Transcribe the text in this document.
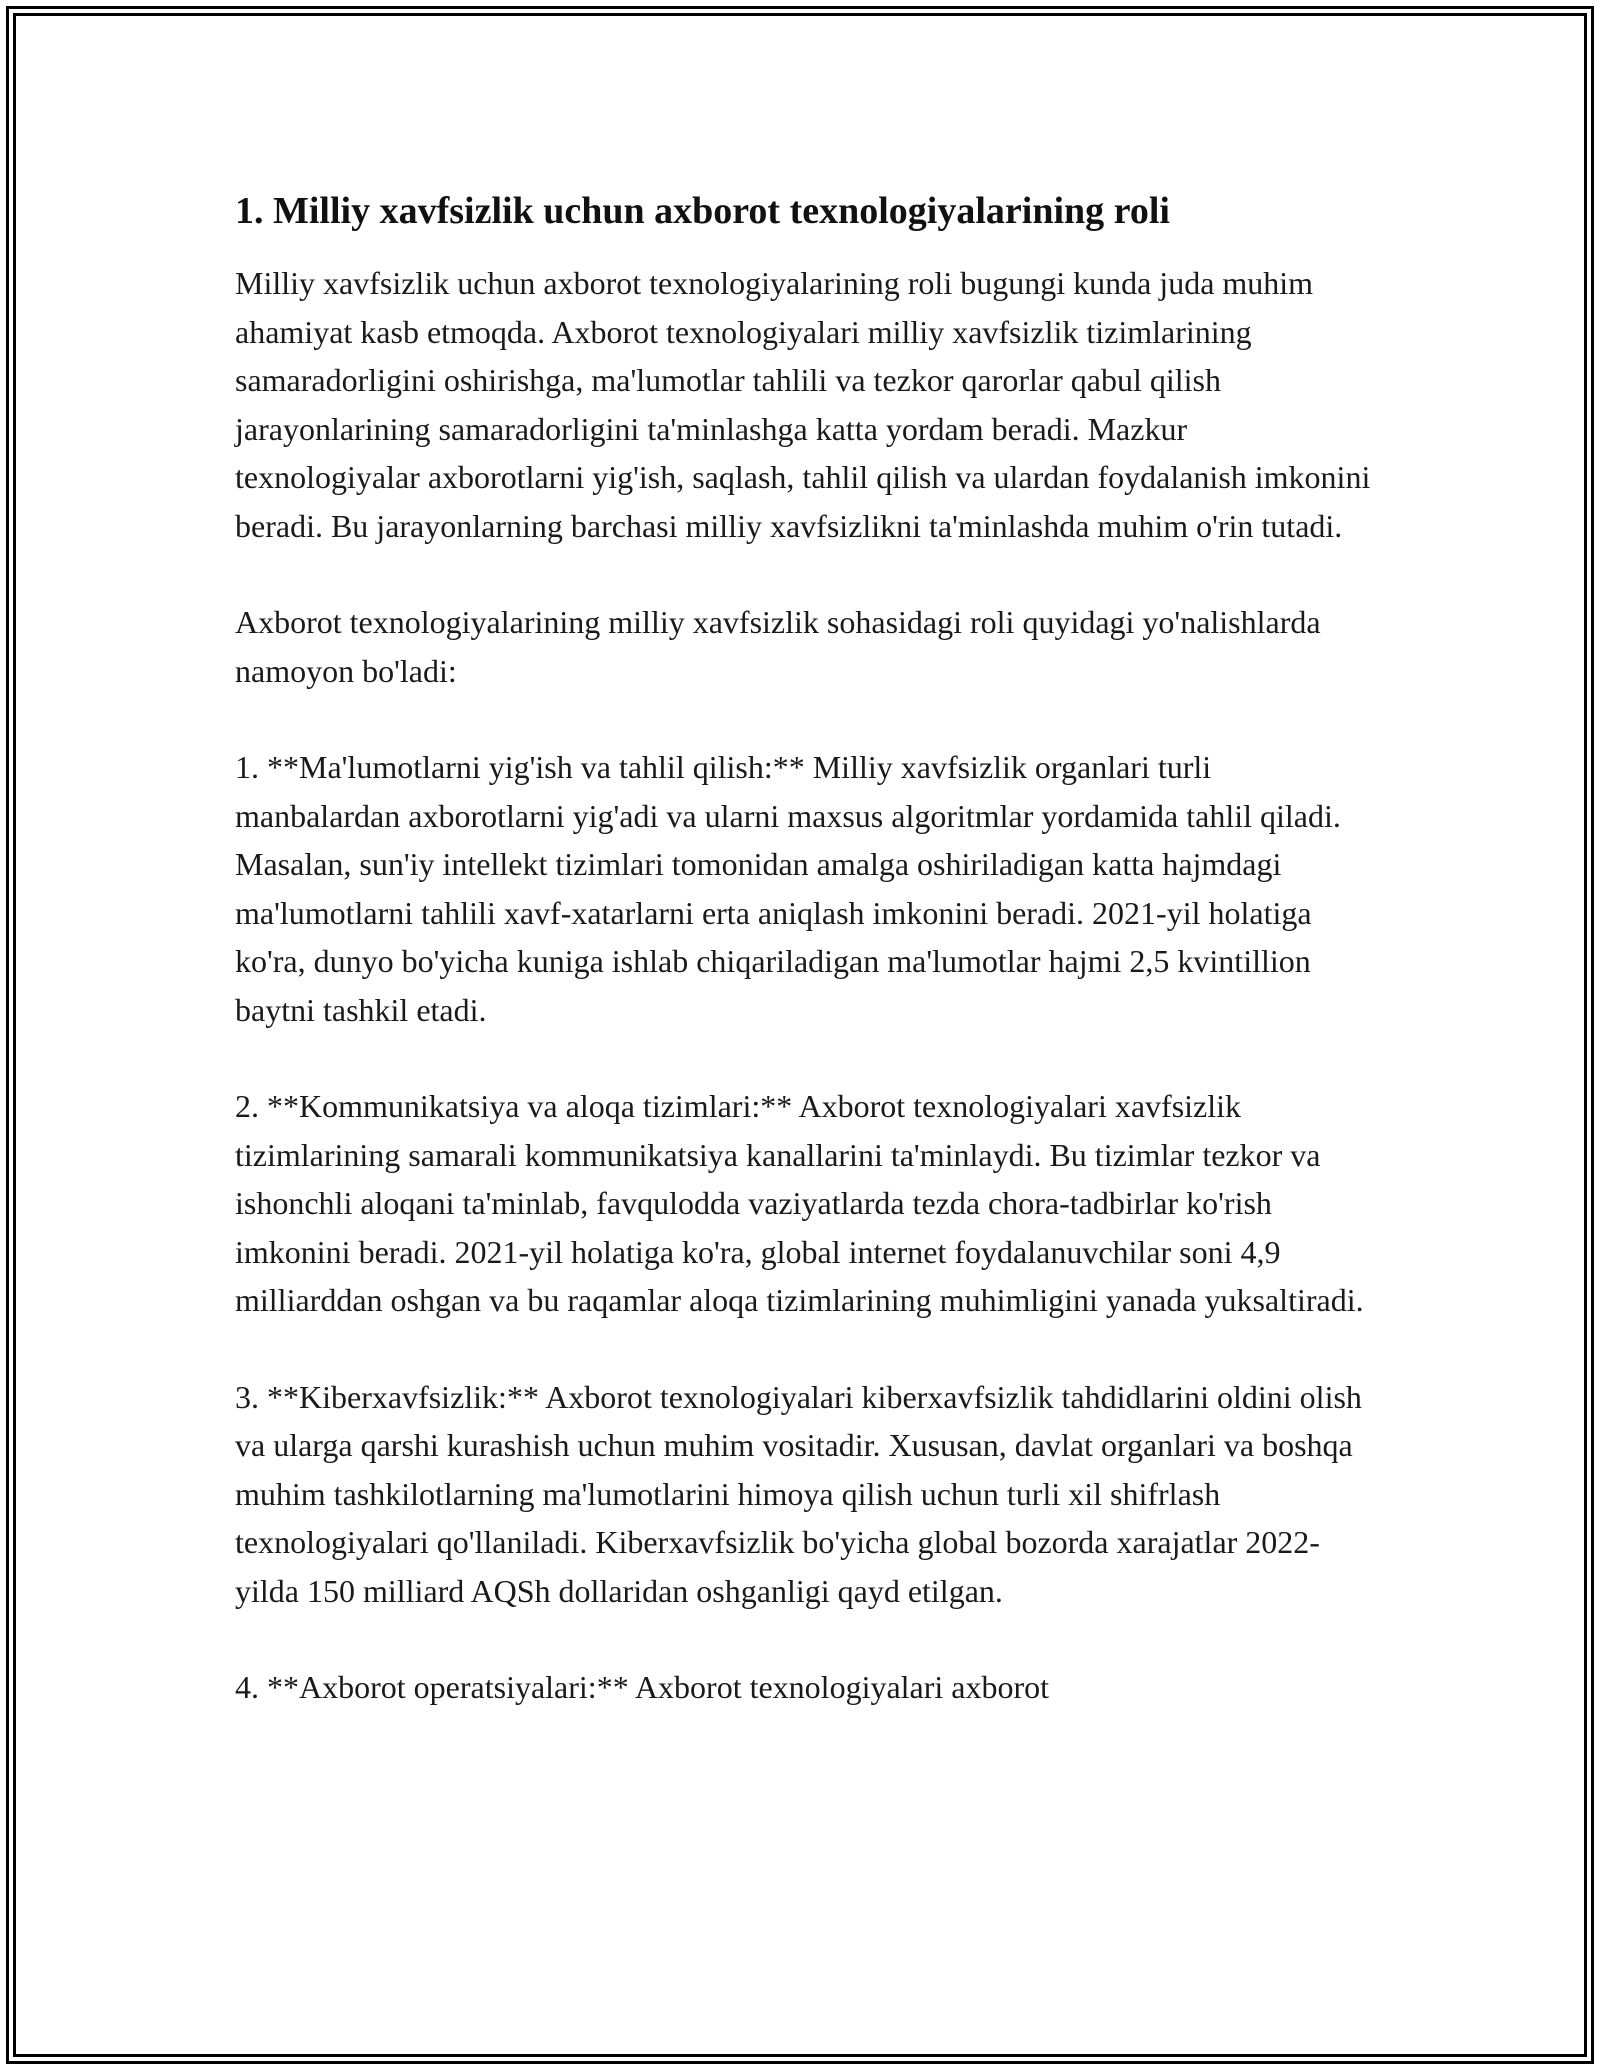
1. Milliy xavfsizlik uchun axborot texnologiyalarining roli

Milliy xavfsizlik uchun axborot texnologiyalarining roli bugungi kunda juda muhim ahamiyat kasb etmoqda. Axborot texnologiyalari milliy xavfsizlik tizimlarining samaradorligini oshirishga, ma'lumotlar tahlili va tezkor qarorlar qabul qilish jarayonlarining samaradorligini ta'minlashga katta yordam beradi. Mazkur texnologiyalar axborotlarni yig'ish, saqlash, tahlil qilish va ulardan foydalanish imkonini beradi. Bu jarayonlarning barchasi milliy xavfsizlikni ta'minlashda muhim o'rin tutadi.

Axborot texnologiyalarining milliy xavfsizlik sohasidagi roli quyidagi yo'nalishlarda namoyon bo'ladi:

1. **Ma'lumotlarni yig'ish va tahlil qilish:** Milliy xavfsizlik organlari turli manbalardan axborotlarni yig'adi va ularni maxsus algoritmlar yordamida tahlil qiladi. Masalan, sun'iy intellekt tizimlari tomonidan amalga oshiriladigan katta hajmdagi ma'lumotlarni tahlili xavf-xatarlarni erta aniqlash imkonini beradi. 2021-yil holatiga ko'ra, dunyo bo'yicha kuniga ishlab chiqariladigan ma'lumotlar hajmi 2,5 kvintillion baytni tashkil etadi.

2. **Kommunikatsiya va aloqa tizimlari:** Axborot texnologiyalari xavfsizlik tizimlarining samarali kommunikatsiya kanallarini ta'minlaydi. Bu tizimlar tezkor va ishonchli aloqani ta'minlab, favqulodda vaziyatlarda tezda chora-tadbirlar ko'rish imkonini beradi. 2021-yil holatiga ko'ra, global internet foydalanuvchilar soni 4,9 milliarddan oshgan va bu raqamlar aloqa tizimlarining muhimligini yanada yuksaltiradi.

3. **Kiberxavfsizlik:** Axborot texnologiyalari kiberxavfsizlik tahdidlarini oldini olish va ularga qarshi kurashish uchun muhim vositadir. Xususan, davlat organlari va boshqa muhim tashkilotlarning ma'lumotlarini himoya qilish uchun turli xil shifrlash texnologiyalari qo'llaniladi. Kiberxavfsizlik bo'yicha global bozorda xarajatlar 2022-yilda 150 milliard AQSh dollaridan oshganligi qayd etilgan.

4. **Axborot operatsiyalari:** Axborot texnologiyalari axborot
